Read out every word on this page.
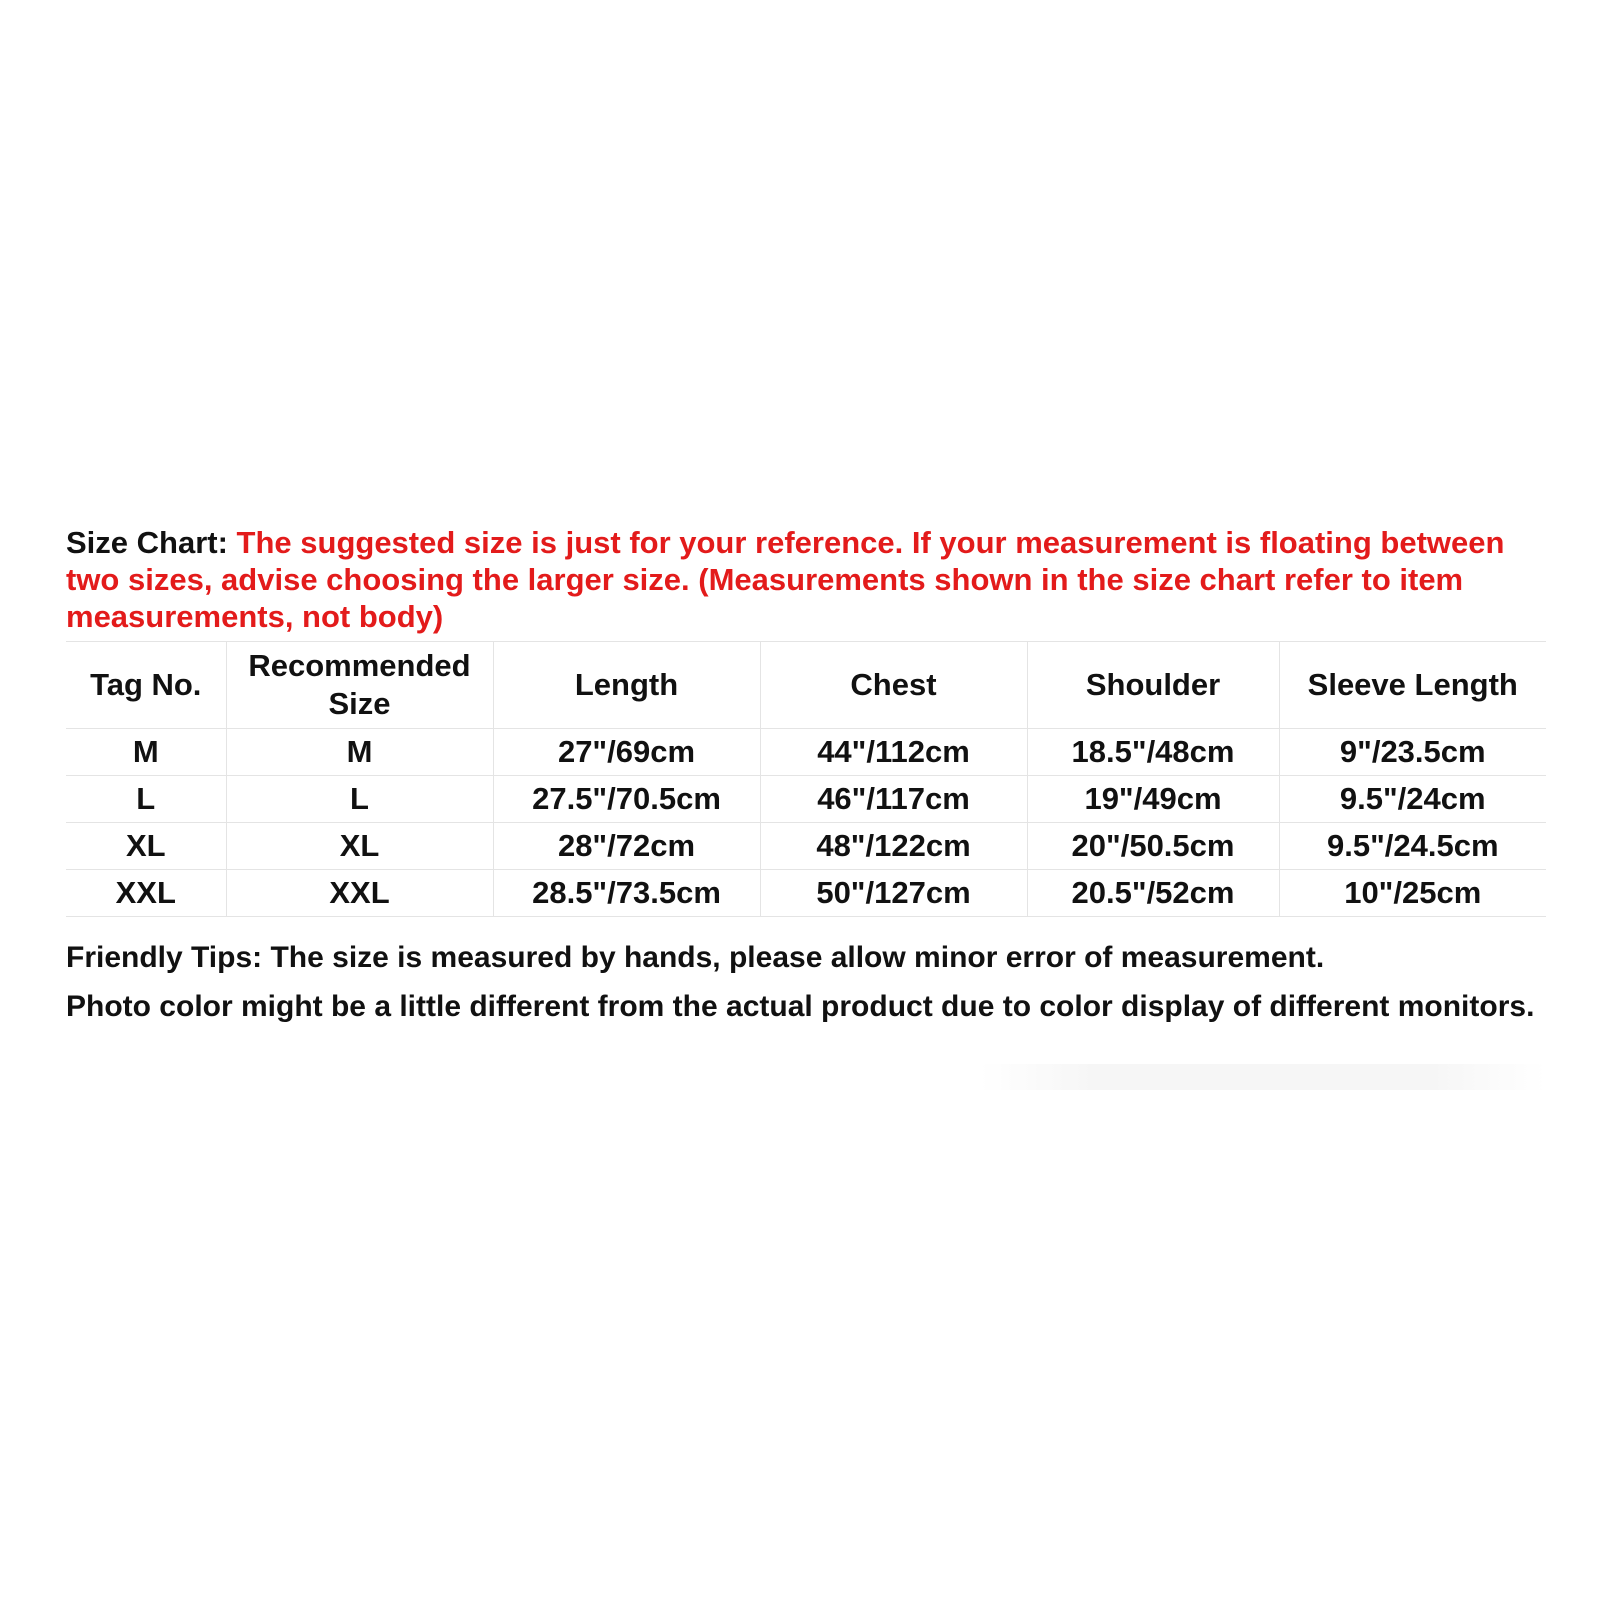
Size Chart: The suggested size is just for your reference. If your measurement is floating between two sizes, advise choosing the larger size. (Measurements shown in the size chart refer to item measurements, not body)

Tag No.	Recommended Size	Length	Chest	Shoulder	Sleeve Length
M	M	27"/69cm	44"/112cm	18.5"/48cm	9"/23.5cm
L	L	27.5"/70.5cm	46"/117cm	19"/49cm	9.5"/24cm
XL	XL	28"/72cm	48"/122cm	20"/50.5cm	9.5"/24.5cm
XXL	XXL	28.5"/73.5cm	50"/127cm	20.5"/52cm	10"/25cm

Friendly Tips: The size is measured by hands, please allow minor error of measurement.

Photo color might be a little different from the actual product due to color display of different monitors.
